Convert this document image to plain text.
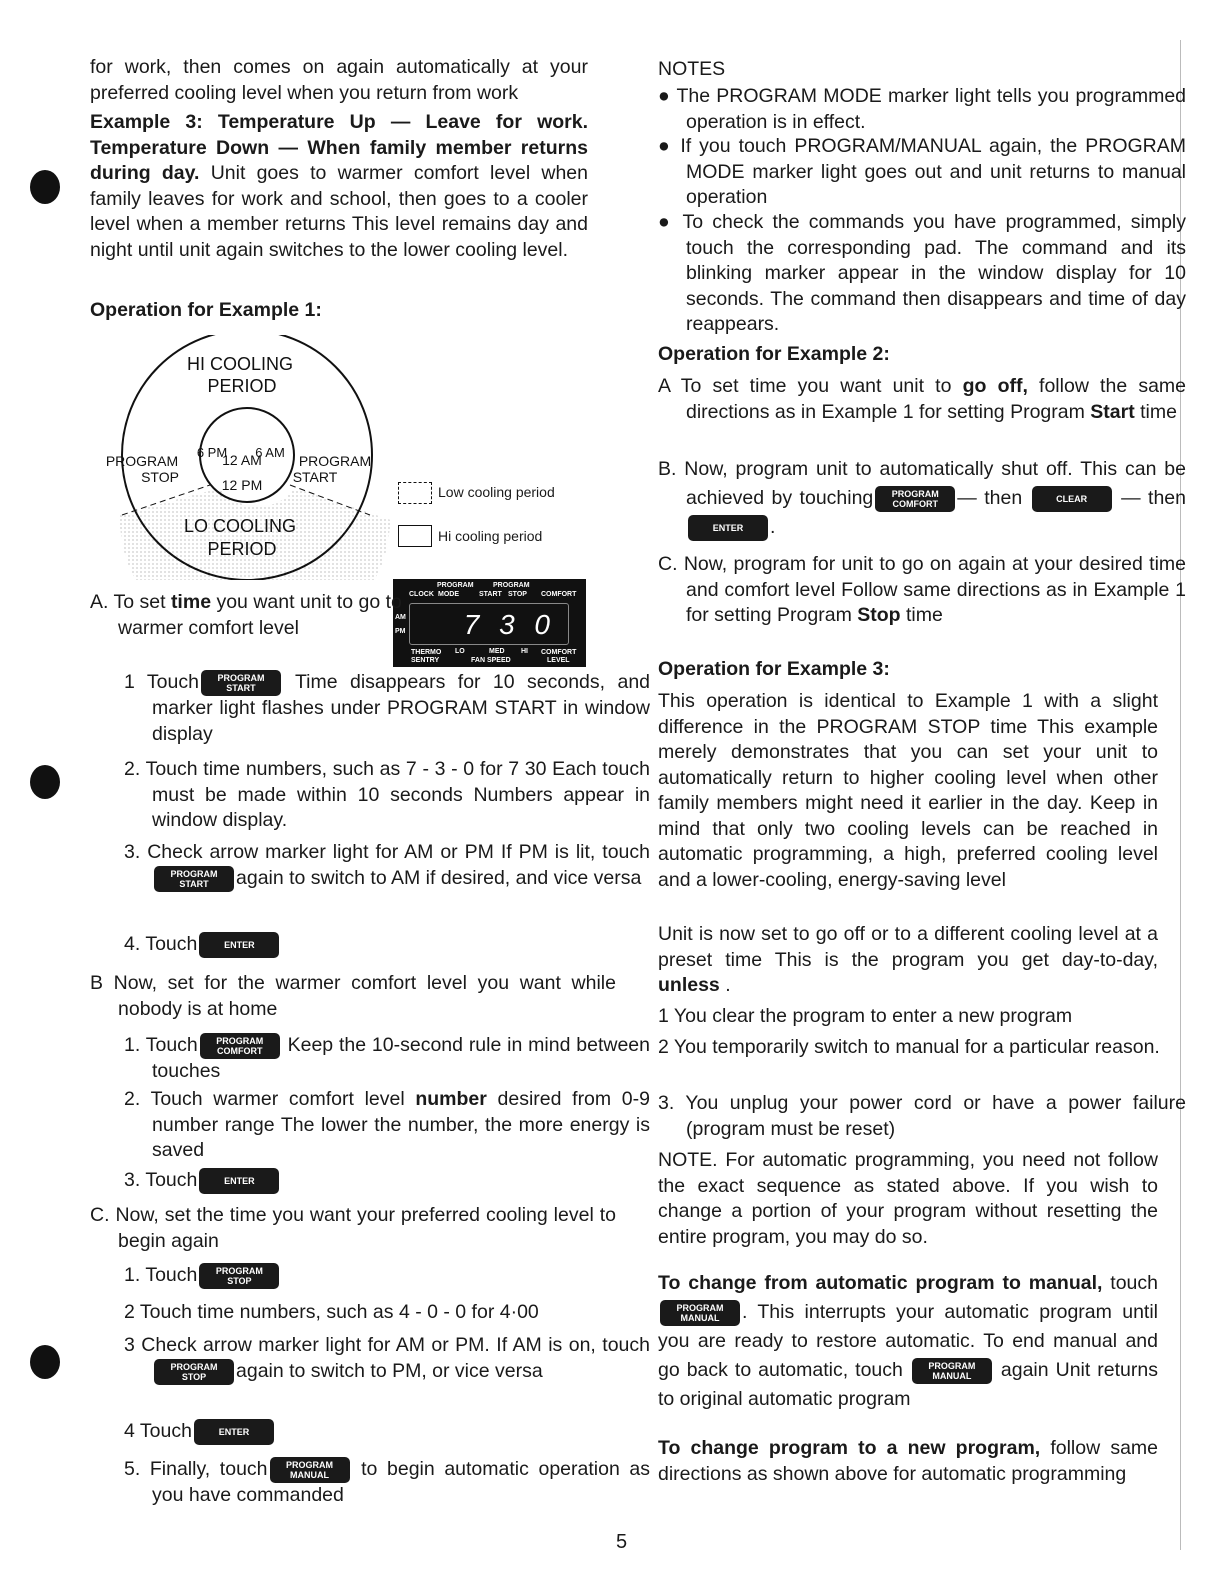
for work, then comes on again automatically at your preferred cooling level when you return from work
Example 3: Temperature Up — Leave for work. Temperature Down — When family member returns during day. Unit goes to warmer comfort level when family leaves for work and school, then goes to a cooler level when a member returns This level remains day and night until unit again switches to the lower cooling level.
Operation for Example 1:
HI COOLING
PERIOD
12 AM
6 PM 6 AM
12 PM
PROGRAM
STOP
PROGRAM
START
LO COOLING
PERIOD
Low cooling period
Hi cooling period
PROGRAM	PROGRAM
CLOCK MODE	START STOP COMFORT
AM
PM	7 3 0
THERMO
SENTRY
LO	MED HI
FAN SPEED
COMFORT
LEVEL
A. To set time you want unit to go to warmer comfort level
1 Touch	PROGRAM
START	Time disappears for 10 seconds, and marker light flashes under PROGRAM START in window display
2. Touch time numbers, such as 7 - 3 - 0 for 7 30 Each touch must be made within 10 seconds Numbers appear in window display.
3. Check arrow marker light for AM or PM If PM is lit, touch
PROGRAM
START	again to switch to AM if desired, and vice versa
4. Touch	ENTER
B Now, set for the warmer comfort level you want while nobody is at home
1. Touch	PROGRAM
COMFORT Keep the 10-second rule in mind between touches
2. Touch warmer comfort level number desired from 0-9 number range The lower the number, the more energy is saved
3. Touch	ENTER
C. Now, set the time you want your preferred cooling level to begin again
1. Touch	PROGRAM
STOP
2 Touch time numbers, such as 4 - 0 - 0 for 4·00
3 Check arrow marker light for AM or PM. If AM is on, touch
PROGRAM
STOP	again to switch to PM, or vice versa
4 Touch	ENTER
5. Finally, touch	PROGRAM
MANUAL	to begin automatic operation as you have commanded
NOTES
● The PROGRAM MODE marker light tells you programmed operation is in effect.
● If you touch PROGRAM/MANUAL again, the PROGRAM MODE marker light goes out and unit returns to manual operation
● To check the commands you have programmed, simply touch the corresponding pad. The command and its blinking marker appear in the window display for 10 seconds. The command then disappears and time of day reappears.
Operation for Example 2:
A To set time you want unit to go off, follow the same directions as in Example 1 for setting Program Start time
B. Now, program unit to automatically shut off. This can be achieved by touching	PROGRAM
COMFORT — then	CLEAR	— then
ENTER	.
C. Now, program for unit to go on again at your desired time and comfort level Follow same directions as in Example 1 for setting Program Stop time
Operation for Example 3:
This operation is identical to Example 1 with a slight difference in the PROGRAM STOP time This example merely demonstrates that you can set your unit to automatically return to higher cooling level when other family members might need it earlier in the day. Keep in mind that only two cooling levels can be reached in automatic programming, a high, preferred cooling level and a lower-cooling, energy-saving level
Unit is now set to go off or to a different cooling level at a preset time This is the program you get day-to-day, unless .
1 You clear the program to enter a new program
2 You temporarily switch to manual for a particular reason.
3. You unplug your power cord or have a power failure (program must be reset)
NOTE. For automatic programming, you need not follow the exact sequence as stated above. If you wish to change a portion of your program without resetting the entire program, you may do so.
To change from automatic program to manual, touch
PROGRAM
MANUAL	. This interrupts your automatic program until you are ready to restore automatic. To end manual and go back to automatic, touch	PROGRAM
MANUAL	again Unit returns to original automatic program
To change program to a new program, follow same directions as shown above for automatic programming
5
